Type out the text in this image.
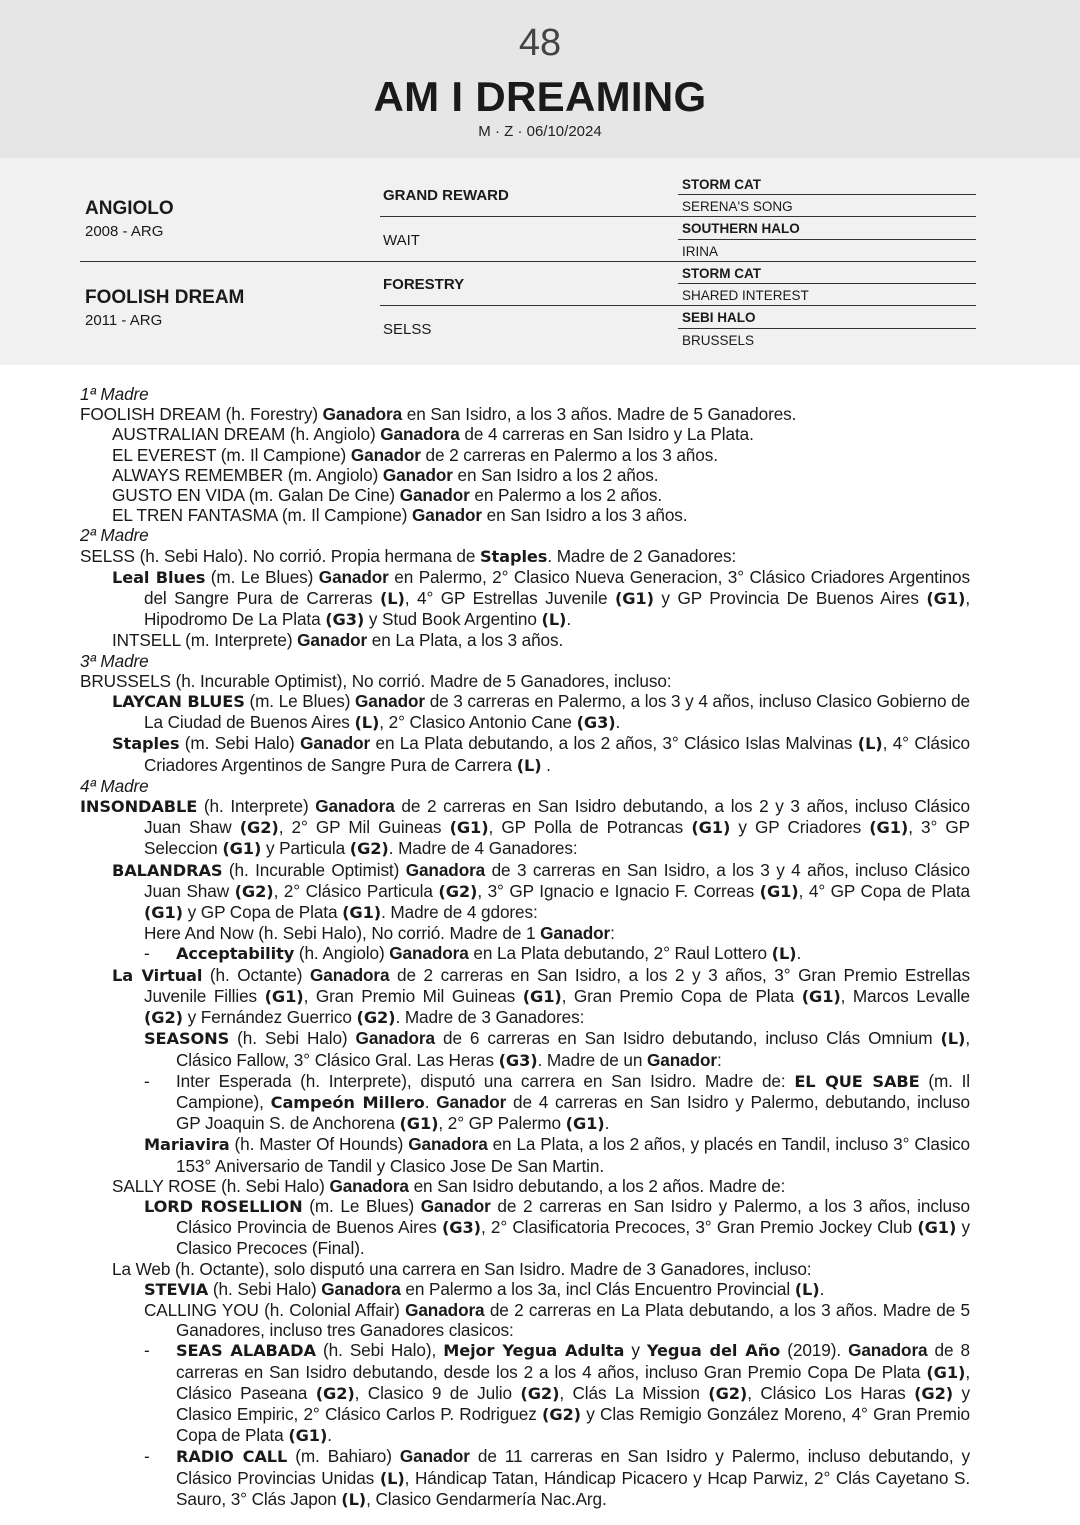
48
AM I DREAMING
M · Z · 06/10/2024
ANGIOLO
2008 - ARG
FOOLISH DREAM
2011 - ARG
GRAND REWARD
WAIT
FORESTRY
SELSS
STORM CAT
SERENA'S SONG
SOUTHERN HALO
IRINA
STORM CAT
SHARED INTEREST
SEBI HALO
BRUSSELS
1ª Madre
FOOLISH DREAM (h. Forestry) Ganadora en San Isidro, a los 3 años. Madre de 5 Ganadores.
AUSTRALIAN DREAM (h. Angiolo) Ganadora de 4 carreras en San Isidro y La Plata.
EL EVEREST (m. Il Campione) Ganador de 2 carreras en Palermo a los 3 años.
ALWAYS REMEMBER (m. Angiolo) Ganador en San Isidro a los 2 años.
GUSTO EN VIDA (m. Galan De Cine) Ganador en Palermo a los 2 años.
EL TREN FANTASMA (m. Il Campione) Ganador en San Isidro a los 3 años.
2ª Madre
SELSS (h. Sebi Halo). No corrió. Propia hermana de Staples. Madre de 2 Ganadores:
Leal Blues (m. Le Blues) Ganador en Palermo, 2° Clasico Nueva Generacion, 3° Clásico Criadores Argentinos del Sangre Pura de Carreras (L), 4° GP Estrellas Juvenile (G1) y GP Provincia De Buenos Aires (G1), Hipodromo De La Plata (G3) y Stud Book Argentino (L).
INTSELL (m. Interprete) Ganador en La Plata, a los 3 años.
3ª Madre
BRUSSELS (h. Incurable Optimist), No corrió. Madre de 5 Ganadores, incluso:
LAYCAN BLUES (m. Le Blues) Ganador de 3 carreras en Palermo, a los 3 y 4 años, incluso Clasico Gobierno de La Ciudad de Buenos Aires (L), 2° Clasico Antonio Cane (G3).
Staples (m. Sebi Halo) Ganador en La Plata debutando, a los 2 años, 3° Clásico Islas Malvinas (L), 4° Clásico Criadores Argentinos de Sangre Pura de Carrera (L) .
4ª Madre
INSONDABLE (h. Interprete) Ganadora de 2 carreras en San Isidro debutando, a los 2 y 3 años, incluso Clásico Juan Shaw (G2), 2° GP Mil Guineas (G1), GP Polla de Potrancas (G1) y GP Criadores (G1), 3° GP Seleccion (G1) y Particula (G2). Madre de 4 Ganadores:
BALANDRAS (h. Incurable Optimist) Ganadora de 3 carreras en San Isidro, a los 3 y 4 años, incluso Clásico Juan Shaw (G2), 2° Clásico Particula (G2), 3° GP Ignacio e Ignacio F. Correas (G1), 4° GP Copa de Plata (G1) y GP Copa de Plata (G1). Madre de 4 gdores:
Here And Now (h. Sebi Halo), No corrió. Madre de 1 Ganador:
-Acceptability (h. Angiolo) Ganadora en La Plata debutando, 2° Raul Lottero (L).
La Virtual (h. Octante) Ganadora de 2 carreras en San Isidro, a los 2 y 3 años, 3° Gran Premio Estrellas Juvenile Fillies (G1), Gran Premio Mil Guineas (G1), Gran Premio Copa de Plata (G1), Marcos Levalle (G2) y Fernández Guerrico (G2). Madre de 3 Ganadores:
SEASONS (h. Sebi Halo) Ganadora de 6 carreras en San Isidro debutando, incluso Clás Omnium (L), Clásico Fallow, 3° Clásico Gral. Las Heras (G3). Madre de un Ganador:
-Inter Esperada (h. Interprete), disputó una carrera en San Isidro. Madre de: EL QUE SABE (m. Il Campione), Campeón Millero. Ganador de 4 carreras en San Isidro y Palermo, debutando, incluso GP Joaquin S. de Anchorena (G1), 2° GP Palermo (G1).
Mariavira (h. Master Of Hounds) Ganadora en La Plata, a los 2 años, y placés en Tandil, incluso 3° Clasico 153° Aniversario de Tandil y Clasico Jose De San Martin.
SALLY ROSE (h. Sebi Halo) Ganadora en San Isidro debutando, a los 2 años. Madre de:
LORD ROSELLION (m. Le Blues) Ganador de 2 carreras en San Isidro y Palermo, a los 3 años, incluso Clásico Provincia de Buenos Aires (G3), 2° Clasificatoria Precoces, 3° Gran Premio Jockey Club (G1) y Clasico Precoces (Final).
La Web (h. Octante), solo disputó una carrera en San Isidro. Madre de 3 Ganadores, incluso:
STEVIA (h. Sebi Halo) Ganadora en Palermo a los 3a, incl Clás Encuentro Provincial (L).
CALLING YOU (h. Colonial Affair) Ganadora de 2 carreras en La Plata debutando, a los 3 años. Madre de 5 Ganadores, incluso tres Ganadores clasicos:
-SEAS ALABADA (h. Sebi Halo), Mejor Yegua Adulta y Yegua del Año (2019). Ganadora de 8 carreras en San Isidro debutando, desde los 2 a los 4 años, incluso Gran Premio Copa De Plata (G1), Clásico Paseana (G2), Clasico 9 de Julio (G2), Clás La Mission (G2), Clásico Los Haras (G2) y Clasico Empiric, 2° Clásico Carlos P. Rodriguez (G2) y Clas Remigio González Moreno, 4° Gran Premio Copa de Plata (G1).
-RADIO CALL (m. Bahiaro) Ganador de 11 carreras en San Isidro y Palermo, incluso debutando, y Clásico Provincias Unidas (L), Hándicap Tatan, Hándicap Picacero y Hcap Parwiz, 2° Clás Cayetano S. Sauro, 3° Clás Japon (L), Clasico Gendarmería Nac.Arg.
